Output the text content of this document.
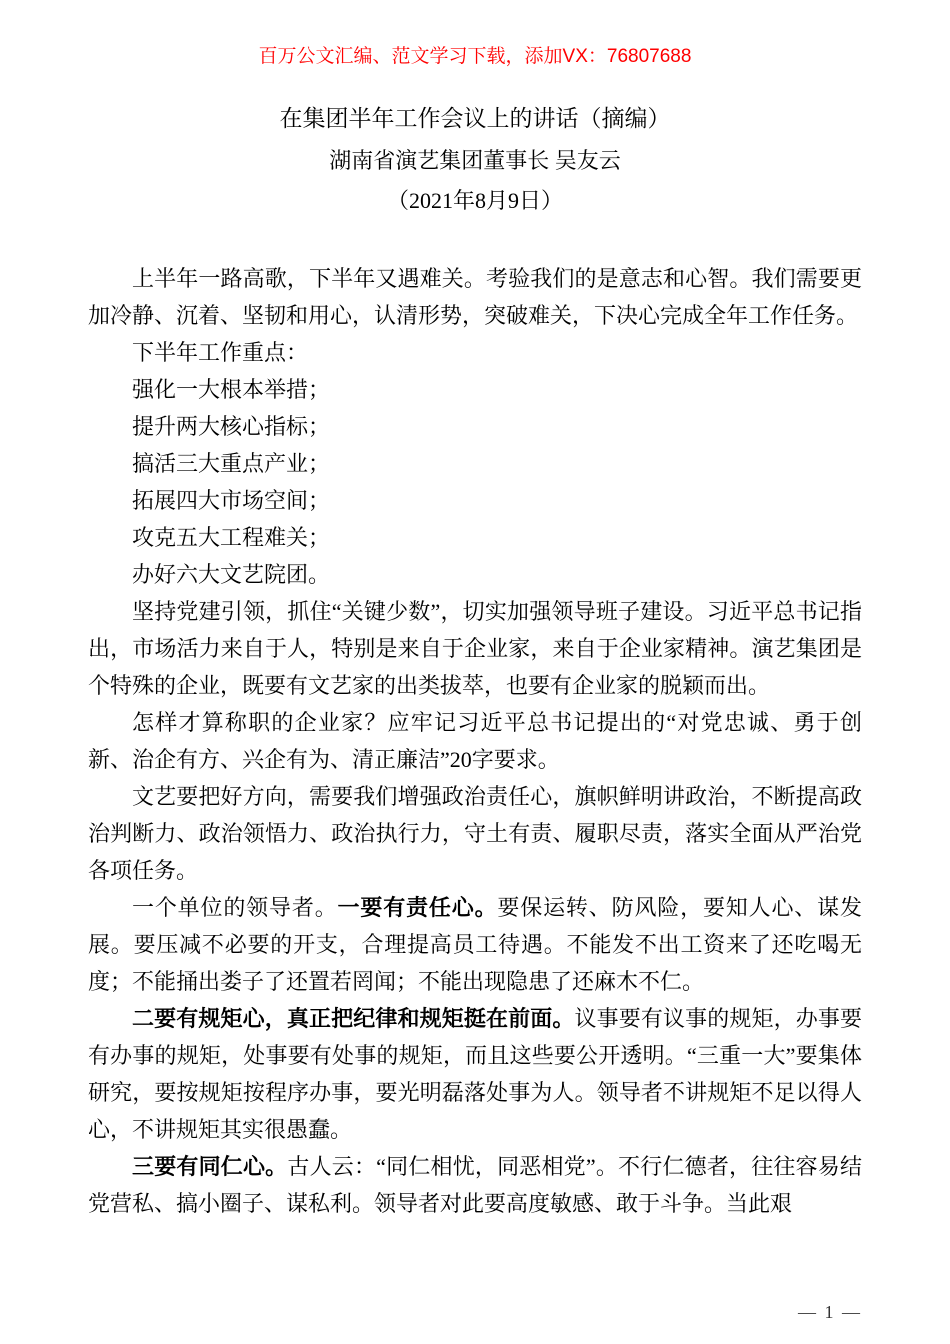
百万公文汇编、范文学习下载，添加VX：76807688
在集团半年工作会议上的讲话（摘编）
湖南省演艺集团董事长 吴友云
（2021年8月9日）

上半年一路高歌，下半年又遇难关。考验我们的是意志和心智。我们需要更加冷静、沉着、坚韧和用心，认清形势，突破难关，下决心完成全年工作任务。

下半年工作重点：

强化一大根本举措；

提升两大核心指标；

搞活三大重点产业；

拓展四大市场空间；

攻克五大工程难关；

办好六大文艺院团。

坚持党建引领，抓住“关键少数”，切实加强领导班子建设。习近平总书记指出，市场活力来自于人，特别是来自于企业家，来自于企业家精神。演艺集团是个特殊的企业，既要有文艺家的出类拔萃，也要有企业家的脱颖而出。

怎样才算称职的企业家？应牢记习近平总书记提出的“对党忠诚、勇于创新、治企有方、兴企有为、清正廉洁”20字要求。

文艺要把好方向，需要我们增强政治责任心，旗帜鲜明讲政治，不断提高政治判断力、政治领悟力、政治执行力，守土有责、履职尽责，落实全面从严治党各项任务。

一个单位的领导者。一要有责任心。要保运转、防风险，要知人心、谋发展。要压减不必要的开支，合理提高员工待遇。不能发不出工资来了还吃喝无度；不能捅出娄子了还置若罔闻；不能出现隐患了还麻木不仁。

二要有规矩心，真正把纪律和规矩挺在前面。议事要有议事的规矩，办事要有办事的规矩，处事要有处事的规矩，而且这些要公开透明。“三重一大”要集体研究，要按规矩按程序办事，要光明磊落处事为人。领导者不讲规矩不足以得人心，不讲规矩其实很愚蠢。

三要有同仁心。古人云：“同仁相忧，同恶相党”。不行仁德者，往往容易结党营私、搞小圈子、谋私利。领导者对此要高度敏感、敢于斗争。当此艰

— 1 —
